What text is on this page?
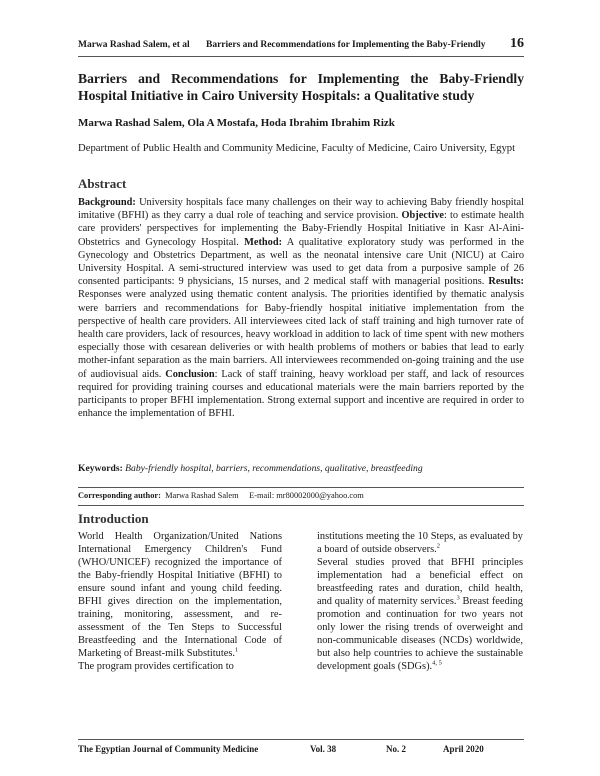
Marwa Rashad Salem, et al Barriers and Recommendations for Implementing the Baby-Friendly 16
Barriers and Recommendations for Implementing the Baby-Friendly Hospital Initiative in Cairo University Hospitals: a Qualitative study
Marwa Rashad Salem, Ola A Mostafa, Hoda Ibrahim Ibrahim Rizk
Department of Public Health and Community Medicine, Faculty of Medicine, Cairo University, Egypt
Abstract
Background: University hospitals face many challenges on their way to achieving Baby friendly hospital imitative (BFHI) as they carry a dual role of teaching and service provision. Objective: to estimate health care providers' perspectives for implementing the Baby-Friendly Hospital Initiative in Kasr Al-Aini- Obstetrics and Gynecology Hospital. Method: A qualitative exploratory study was performed in the Gynecology and Obstetrics Department, as well as the neonatal intensive care Unit (NICU) at Cairo University Hospital. A semi-structured interview was used to get data from a purposive sample of 26 consented participants: 9 physicians, 15 nurses, and 2 medical staff with managerial positions. Results: Responses were analyzed using thematic content analysis. The priorities identified by thematic analysis were barriers and recommendations for Baby-friendly hospital initiative implementation from the perspective of health care providers. All interviewees cited lack of staff training and high turnover rate of health care providers, lack of resources, heavy workload in addition to lack of time spent with new mothers especially those with cesarean deliveries or with health problems of mothers or babies that lead to early mother-infant separation as the main barriers. All interviewees recommended on-going training and the use of audiovisual aids. Conclusion: Lack of staff training, heavy workload per staff, and lack of resources required for providing training courses and educational materials were the main barriers reported by the participants to proper BFHI implementation. Strong external support and incentive are required in order to enhance the implementation of BFHI.
Keywords: Baby-friendly hospital, barriers, recommendations, qualitative, breastfeeding
Corresponding author: Marwa Rashad Salem E-mail: mr80002000@yahoo.com
Introduction
World Health Organization/United Nations International Emergency Children's Fund (WHO/UNICEF) recognized the importance of the Baby-friendly Hospital Initiative (BFHI) to ensure sound infant and young child feeding. BFHI gives direction on the implementation, training, monitoring, assessment, and re-assessment of the Ten Steps to Successful Breastfeeding and the International Code of Marketing of Breast-milk Substitutes.$^1$
The program provides certification to
institutions meeting the 10 Steps, as evaluated by a board of outside observers.$^2$
Several studies proved that BFHI principles implementation had a beneficial effect on breastfeeding rates and duration, child health, and quality of maternity services.$^3$ Breast feeding promotion and continuation for two years not only lower the rising trends of overweight and non-communicable diseases (NCDs) worldwide, but also help countries to achieve the sustainable development goals (SDGs).$^{4, 5}$
The Egyptian Journal of Community Medicine	Vol. 38	No. 2	April 2020
